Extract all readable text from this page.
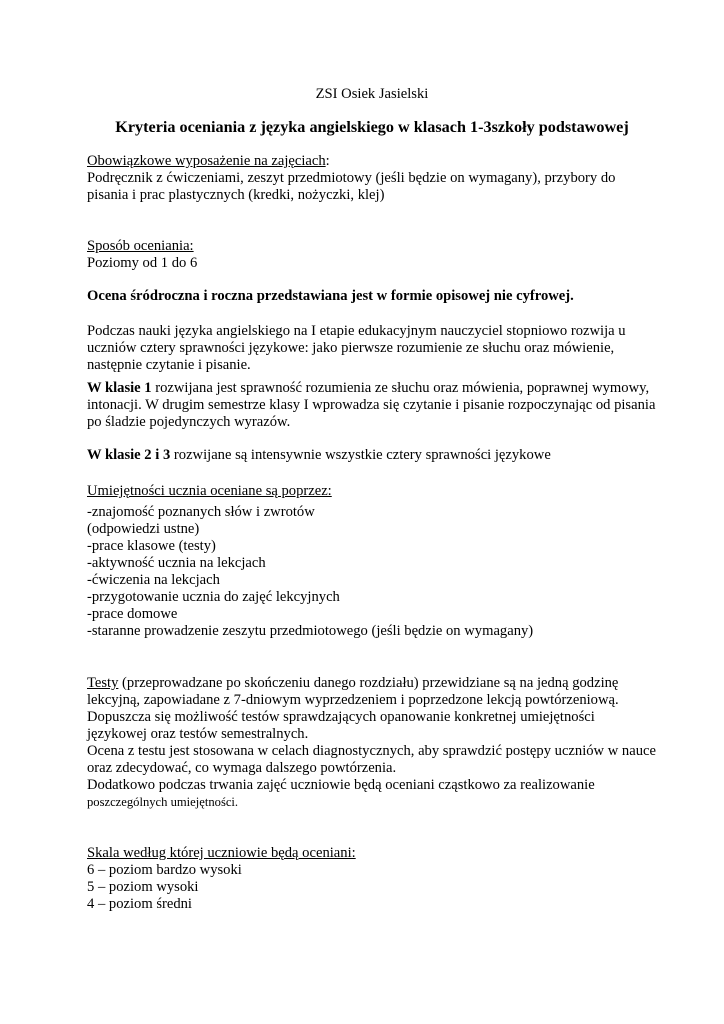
ZSI Osiek Jasielski

Kryteria oceniania z języka angielskiego w klasach 1-3szkoły podstawowej

Obowiązkowe wyposażenie na zajęciach:
Podręcznik z ćwiczeniami, zeszyt przedmiotowy (jeśli będzie on wymagany), przybory do pisania i prac plastycznych (kredki, nożyczki, klej)

Sposób oceniania:
Poziomy od 1 do 6

Ocena śródroczna i roczna przedstawiana jest w formie opisowej nie cyfrowej.

Podczas nauki języka angielskiego na I etapie edukacyjnym nauczyciel stopniowo rozwija u uczniów cztery sprawności językowe: jako pierwsze rozumienie ze słuchu oraz mówienie, następnie czytanie i pisanie.

W klasie 1 rozwijana jest sprawność rozumienia ze słuchu oraz mówienia, poprawnej wymowy, intonacji. W drugim semestrze klasy I wprowadza się czytanie i pisanie rozpoczynając od pisania po śladzie pojedynczych wyrazów.

W klasie 2 i 3 rozwijane są intensywnie wszystkie cztery sprawności językowe

Umiejętności ucznia oceniane są poprzez:

-znajomość poznanych słów i zwrotów
(odpowiedzi ustne)
-prace klasowe (testy)
-aktywność ucznia na lekcjach
-ćwiczenia na lekcjach
-przygotowanie ucznia do zajęć lekcyjnych
-prace domowe
-staranne prowadzenie zeszytu przedmiotowego (jeśli będzie on wymagany)

Testy (przeprowadzane po skończeniu danego rozdziału) przewidziane są na jedną godzinę lekcyjną, zapowiadane z 7-dniowym wyprzedzeniem i poprzedzone lekcją powtórzeniową.

Dopuszcza się możliwość testów sprawdzających opanowanie konkretnej umiejętności językowej oraz testów semestralnych.

Ocena z testu jest stosowana w celach diagnostycznych, aby sprawdzić postępy uczniów w nauce oraz zdecydować, co wymaga dalszego powtórzenia.

Dodatkowo podczas trwania zajęć uczniowie będą oceniani cząstkowo za realizowanie
poszczególnych umiejętności.

Skala według której uczniowie będą oceniani:
6 – poziom bardzo wysoki
5 – poziom wysoki
4 – poziom średni
